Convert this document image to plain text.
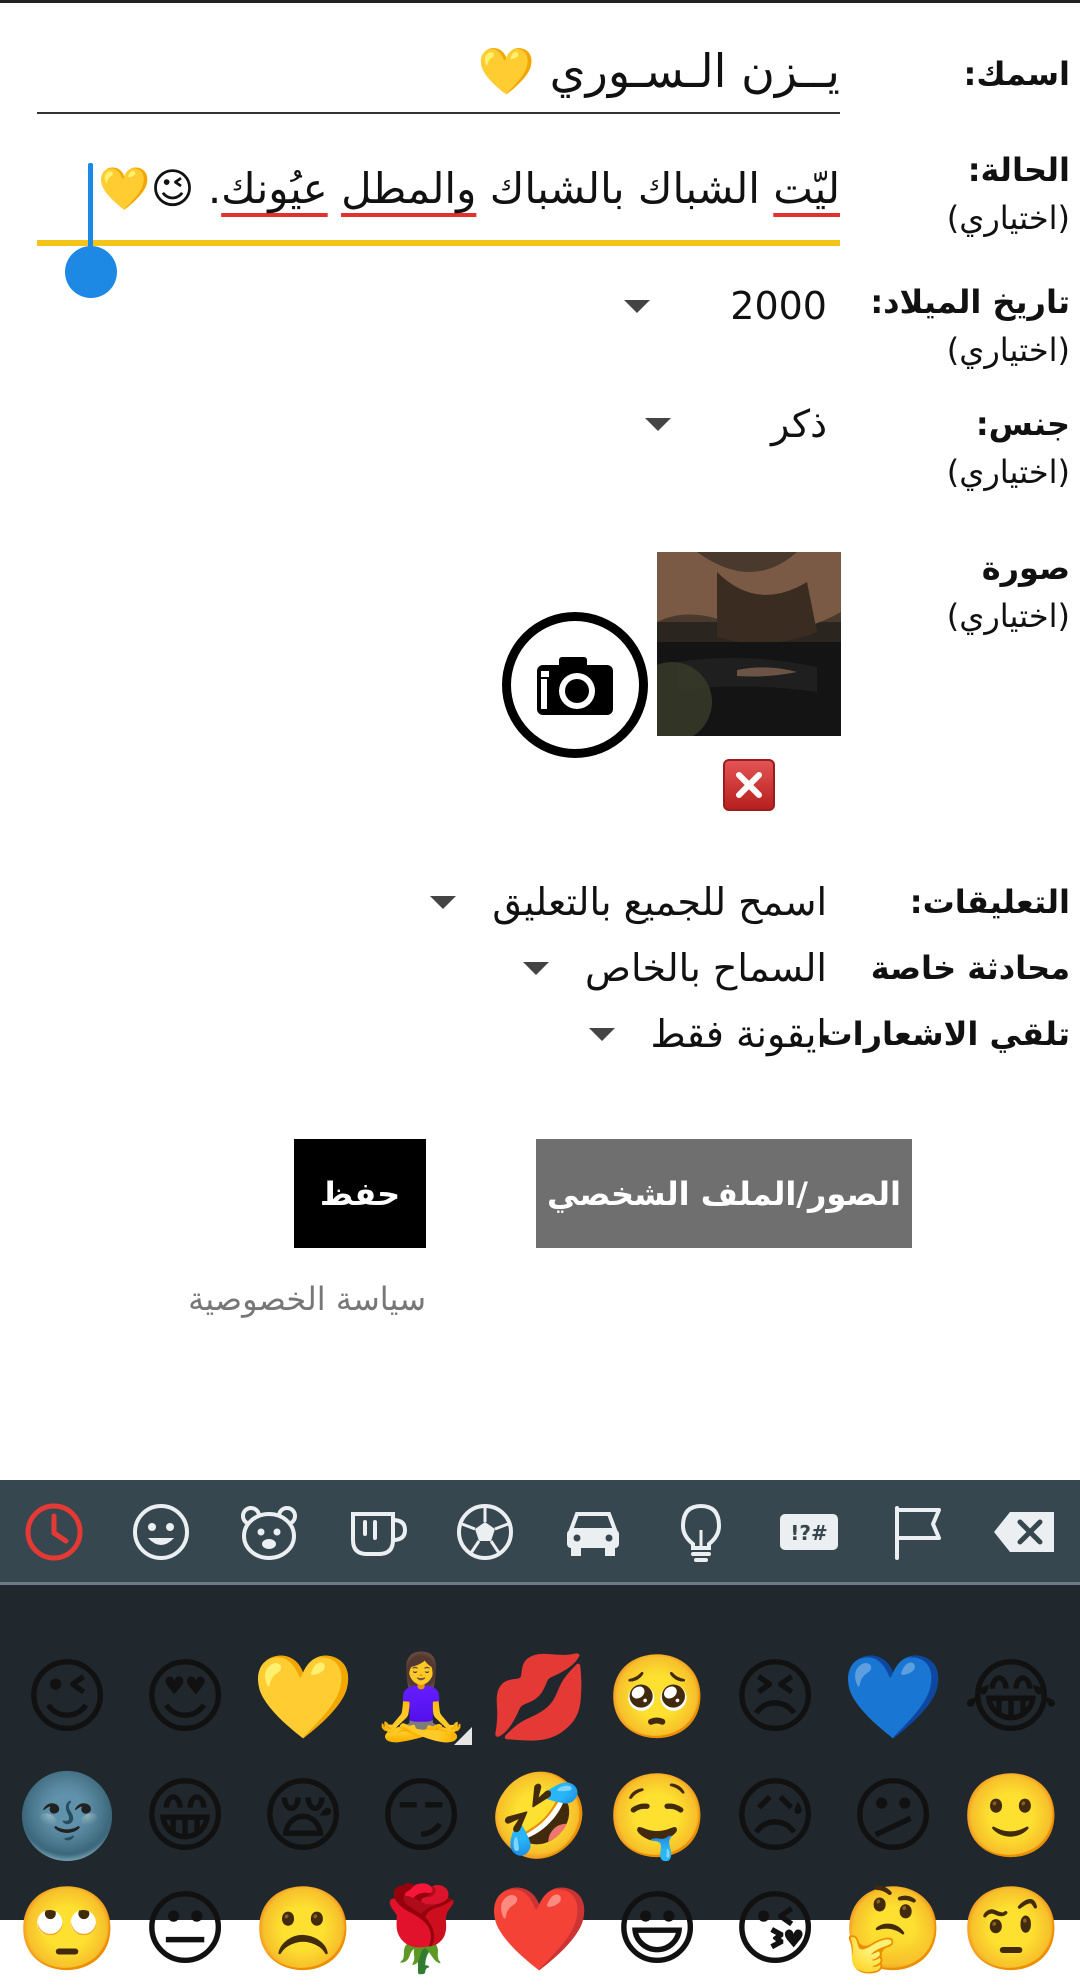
اسمك:
يــزن الـسـوري 💛
الحالة:
(اختياري)
ليّت الشباك بالشباك والمطل عيُونك. 😉💛
تاريخ الميلاد:
(اختياري)
2000
جنس:
(اختياري)
ذكر
صورة
(اختياري)
التعليقات:
اسمح للجميع بالتعليق
محادثة خاصة
السماح بالخاص
تلقي الاشعارات
ايقونة فقط
الصور/الملف الشخصي
حفظ
سياسة الخصوصية
!?#
😉 😍 💛 🧘‍♀️ 💋 🥺 😣 💙 😂
🌚 😁 😪 😏 🤣 🤤 😥 😕 🙂
🙄 😐 ☹️ 🌹 ❤️ 😃 😘 🤔 🤨
